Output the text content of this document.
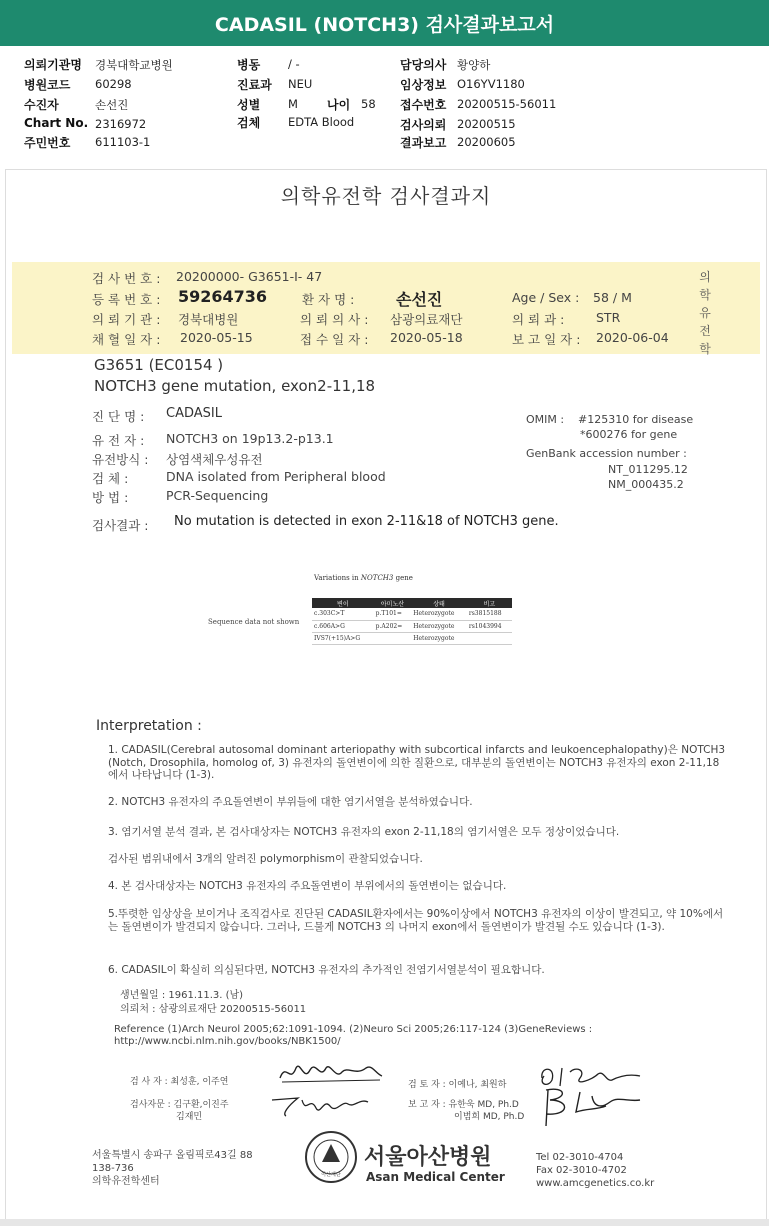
CADASIL (NOTCH3) 검사결과보고서
의뢰기관명 경북대학교병원
병원코드 60298
수진자	손선진
Chart No. 2316972
주민번호 611103-1
병동 / -
진료과 NEU
성별 M 나이 58
검체 EDTA Blood
담당의사 황양하
임상정보 O16YV1180
접수번호 20200515-56011
검사의뢰 20200515
결과보고 20200605
의학유전학 검사결과지
검 사 번 호 : 20200000- G3651-I- 47
등 록 번 호 : 59264736	환 자 명 :	손선진	Age / Sex : 58 / M
의 뢰 기 관 : 경북대병원	의 뢰 의 사 : 삼광의료재단	의 뢰 과 :	STR
채 혈 일 자 : 2020-05-15	접 수 일 자 : 2020-05-18	보 고 일 자 : 2020-06-04
의학유전학
G3651 (EC0154 )
NOTCH3 gene mutation, exon2-11,18
진 단 명 : CADASIL
유 전 자 : NOTCH3 on 19p13.2-p13.1
유전방식 : 상염색체우성유전
검 체 :	DNA isolated from Peripheral blood
방 법 :	PCR-Sequencing
OMIM : #125310 for disease
*600276 for gene
GenBank accession number :
NT_011295.12
NM_000435.2
검사결과 : No mutation is detected in exon 2-11&18 of NOTCH3 gene.
Variations in NOTCH3 gene
Sequence data not shown
변이	아미노산	상태	비고
c.303C>T	p.T101=	Heterozygote	rs3815188
c.606A>G	p.A202=	Heterozygote	rs1043994
IVS7(+15)A>G		Heterozygote	
Interpretation :
1. CADASIL(Cerebral autosomal dominant arteriopathy with subcortical infarcts and leukoencephalopathy)은 NOTCH3 (Notch, Drosophila, homolog of, 3) 유전자의 돌연변이에 의한 질환으로, 대부분의 돌연변이는 NOTCH3 유전자의 exon 2-11,18에서 나타납니다 (1-3).
2. NOTCH3 유전자의 주요돌연변이 부위들에 대한 염기서열을 분석하였습니다.
3. 염기서열 분석 결과, 본 검사대상자는 NOTCH3 유전자의 exon 2-11,18의 염기서열은 모두 정상이었습니다.
검사된 범위내에서 3개의 알려진 polymorphism이 관찰되었습니다.
4. 본 검사대상자는 NOTCH3 유전자의 주요돌연변이 부위에서의 돌연변이는 없습니다.
5.뚜렷한 임상상을 보이거나 조직검사로 진단된 CADASIL환자에서는 90%이상에서 NOTCH3 유전자의 이상이 발견되고, 약 10%에서는 돌연변이가 발견되지 않습니다. 그러나, 드물게 NOTCH3 의 나머지 exon에서 돌연변이가 발견될 수도 있습니다 (1-3).
6. CADASIL이 확실히 의심된다면, NOTCH3 유전자의 추가적인 전염기서열분석이 필요합니다.
생년월일 : 1961.11.3. (남)
의뢰처 : 삼광의료재단 20200515-56011
Reference (1)Arch Neurol 2005;62:1091-1094. (2)Neuro Sci 2005;26:117-124 (3)GeneReviews : http://www.ncbi.nlm.nih.gov/books/NBK1500/
검 사 자 : 최성훈, 이주연
검사자문 : 김구환,이진주
김재민
검 토 자 : 이예나, 최원하
보 고 자 : 유한욱 MD, Ph.D
이범희 MD, Ph.D
서울특별시 송파구 올림픽로43길 88
138-736
의학유전학센터
아산재단
서울아산병원
Asan Medical Center
Tel 02-3010-4704
Fax 02-3010-4702
www.amcgenetics.co.kr
